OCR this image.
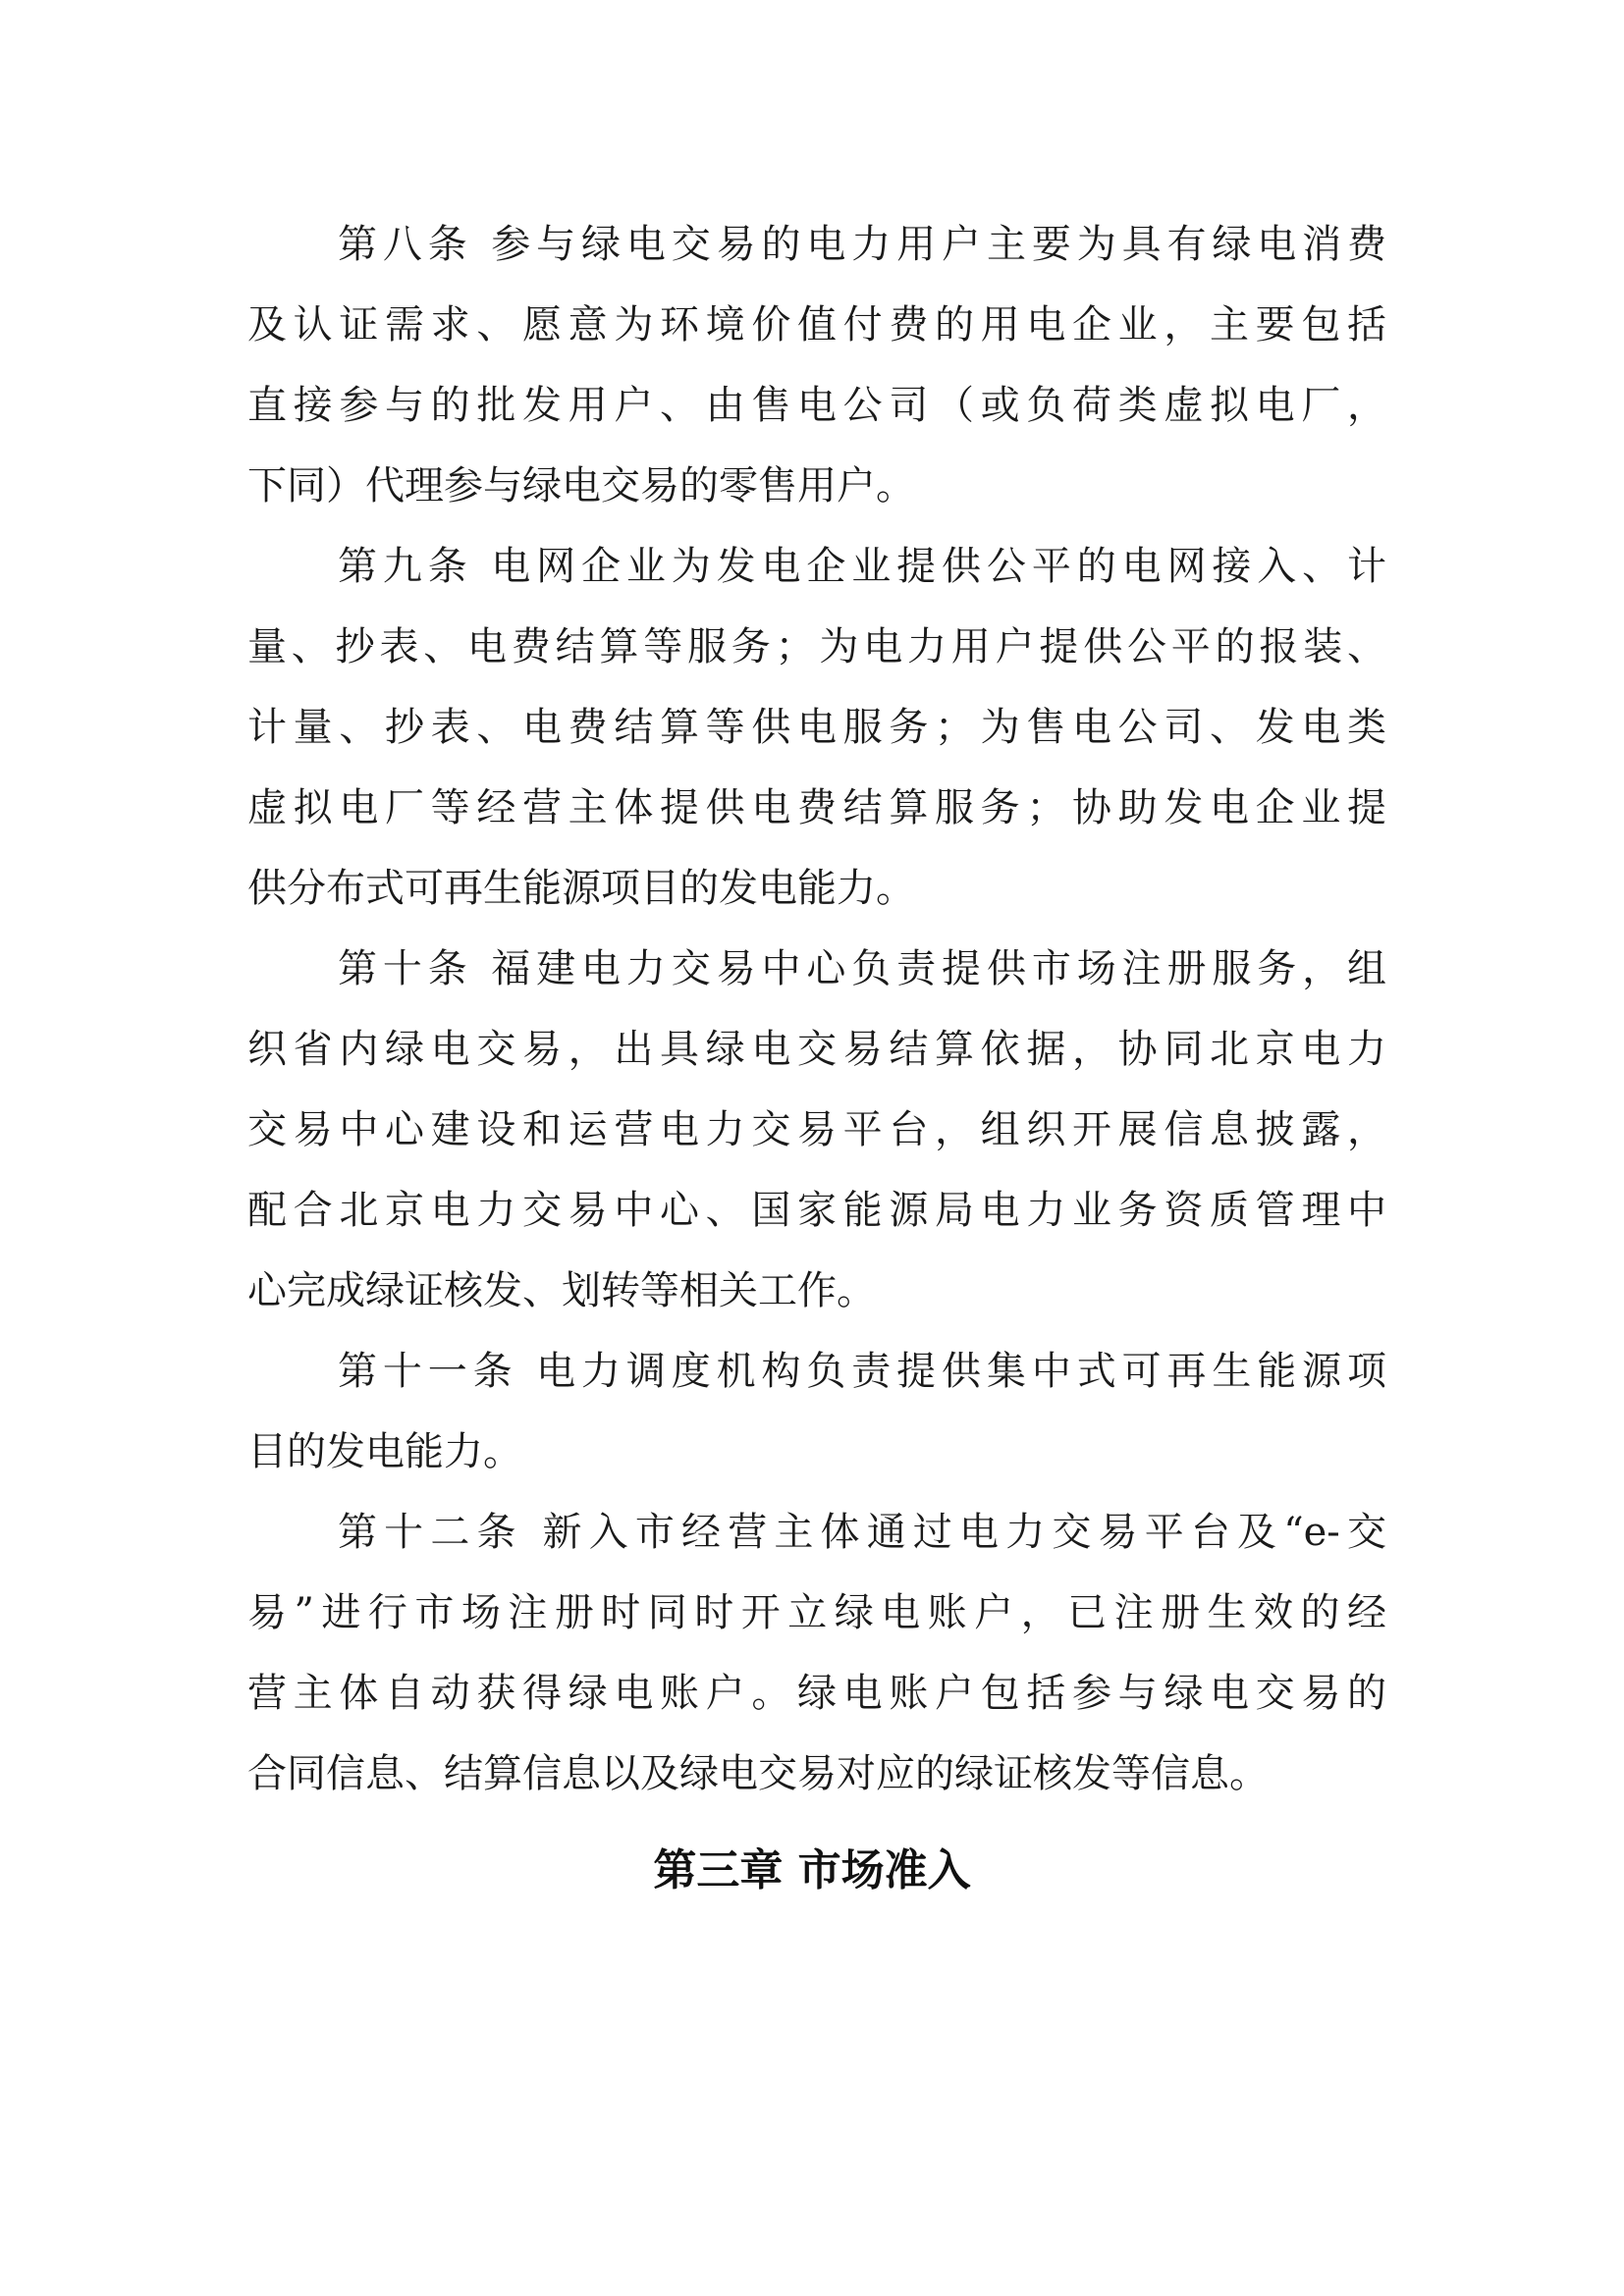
第八条 参与绿电交易的电力用户主要为具有绿电消费
及认证需求、愿意为环境价值付费的用电企业，主要包括
直接参与的批发用户、由售电公司（或负荷类虚拟电厂，
下同）代理参与绿电交易的零售用户。
第九条 电网企业为发电企业提供公平的电网接入、计
量、抄表、电费结算等服务；为电力用户提供公平的报装、
计量、抄表、电费结算等供电服务；为售电公司、发电类
虚拟电厂等经营主体提供电费结算服务；协助发电企业提
供分布式可再生能源项目的发电能力。
第十条 福建电力交易中心负责提供市场注册服务，组
织省内绿电交易，出具绿电交易结算依据，协同北京电力
交易中心建设和运营电力交易平台，组织开展信息披露，
配合北京电力交易中心、国家能源局电力业务资质管理中
心完成绿证核发、划转等相关工作。
第十一条 电力调度机构负责提供集中式可再生能源项
目的发电能力。
第十二条 新入市经营主体通过电力交易平台及“e-交
易”进行市场注册时同时开立绿电账户，已注册生效的经
营主体自动获得绿电账户。绿电账户包括参与绿电交易的
合同信息、结算信息以及绿电交易对应的绿证核发等信息。
第三章 市场准入
